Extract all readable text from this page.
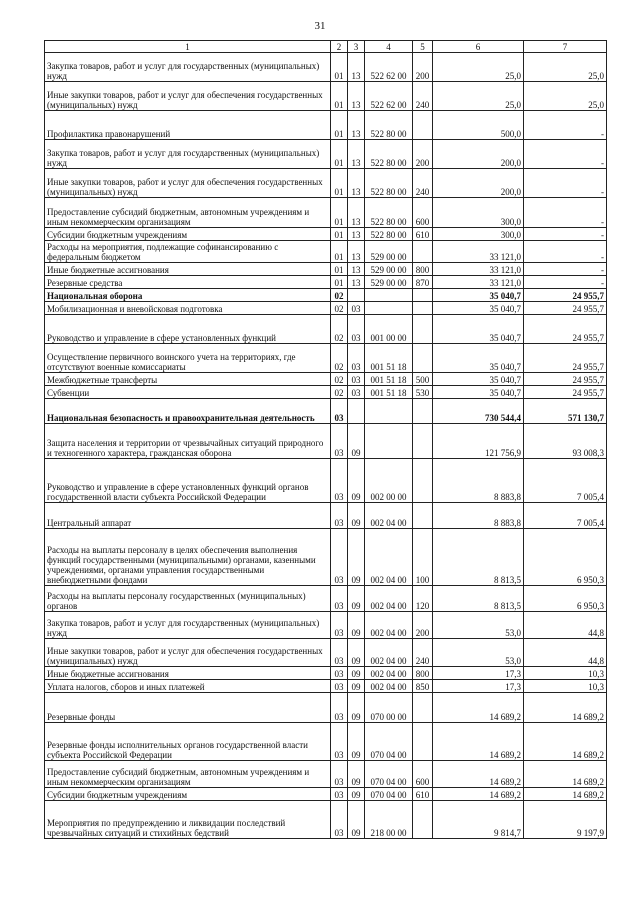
31
1	2	3	4	5	6	7
Закупка товаров, работ и услуг для государственных (муниципальных) нужд	01	13	522 62 00	200	25,0	25,0
Иные закупки товаров, работ и услуг для обеспечения государственных (муниципальных) нужд	01	13	522 62 00	240	25,0	25,0
Профилактика правонарушений	01	13	522 80 00		500,0	-
Закупка товаров, работ и услуг для государственных (муниципальных) нужд	01	13	522 80 00	200	200,0	-
Иные закупки товаров, работ и услуг для обеспечения государственных (муниципальных) нужд	01	13	522 80 00	240	200,0	-
Предоставление субсидий бюджетным, автономным учреждениям и иным некоммерческим организациям	01	13	522 80 00	600	300,0	-
Субсидии бюджетным учреждениям	01	13	522 80 00	610	300,0	-
Расходы на мероприятия, подлежащие софинансированию с федеральным бюджетом	01	13	529 00 00		33 121,0	-
Иные бюджетные ассигнования	01	13	529 00 00	800	33 121,0	-
Резервные средства	01	13	529 00 00	870	33 121,0	-
Национальная оборона	02				35 040,7	24 955,7
Мобилизационная и вневойсковая подготовка	02	03			35 040,7	24 955,7
Руководство и управление в сфере установленных функций	02	03	001 00 00		35 040,7	24 955,7
Осуществление первичного воинского учета на территориях, где отсутствуют военные комиссариаты	02	03	001 51 18		35 040,7	24 955,7
Межбюджетные трансферты	02	03	001 51 18	500	35 040,7	24 955,7
Субвенции	02	03	001 51 18	530	35 040,7	24 955,7
Национальная безопасность и правоохранительная деятельность	03				730 544,4	571 130,7
Защита населения и территории от чрезвычайных ситуаций природного и техногенного характера, гражданская оборона	03	09			121 756,9	93 008,3
Руководство и управление в сфере установленных функций органов государственной власти субъекта Российской Федерации	03	09	002 00 00		8 883,8	7 005,4
Центральный аппарат	03	09	002 04 00		8 883,8	7 005,4
Расходы на выплаты персоналу в целях обеспечения выполнения функций государственными (муниципальными) органами, казенными учреждениями, органами управления государственными внебюджетными фондами	03	09	002 04 00	100	8 813,5	6 950,3
Расходы на выплаты персоналу государственных (муниципальных) органов	03	09	002 04 00	120	8 813,5	6 950,3
Закупка товаров, работ и услуг для государственных (муниципальных) нужд	03	09	002 04 00	200	53,0	44,8
Иные закупки товаров, работ и услуг для обеспечения государственных (муниципальных) нужд	03	09	002 04 00	240	53,0	44,8
Иные бюджетные ассигнования	03	09	002 04 00	800	17,3	10,3
Уплата налогов, сборов и иных платежей	03	09	002 04 00	850	17,3	10,3
Резервные фонды	03	09	070 00 00		14 689,2	14 689,2
Резервные фонды исполнительных органов государственной власти субъекта Российской Федерации	03	09	070 04 00		14 689,2	14 689,2
Предоставление субсидий бюджетным, автономным учреждениям и иным некоммерческим организациям	03	09	070 04 00	600	14 689,2	14 689,2
Субсидии бюджетным учреждениям	03	09	070 04 00	610	14 689,2	14 689,2
Мероприятия по предупреждению и ликвидации последствий чрезвычайных ситуаций и стихийных бедствий	03	09	218 00 00		9 814,7	9 197,9
